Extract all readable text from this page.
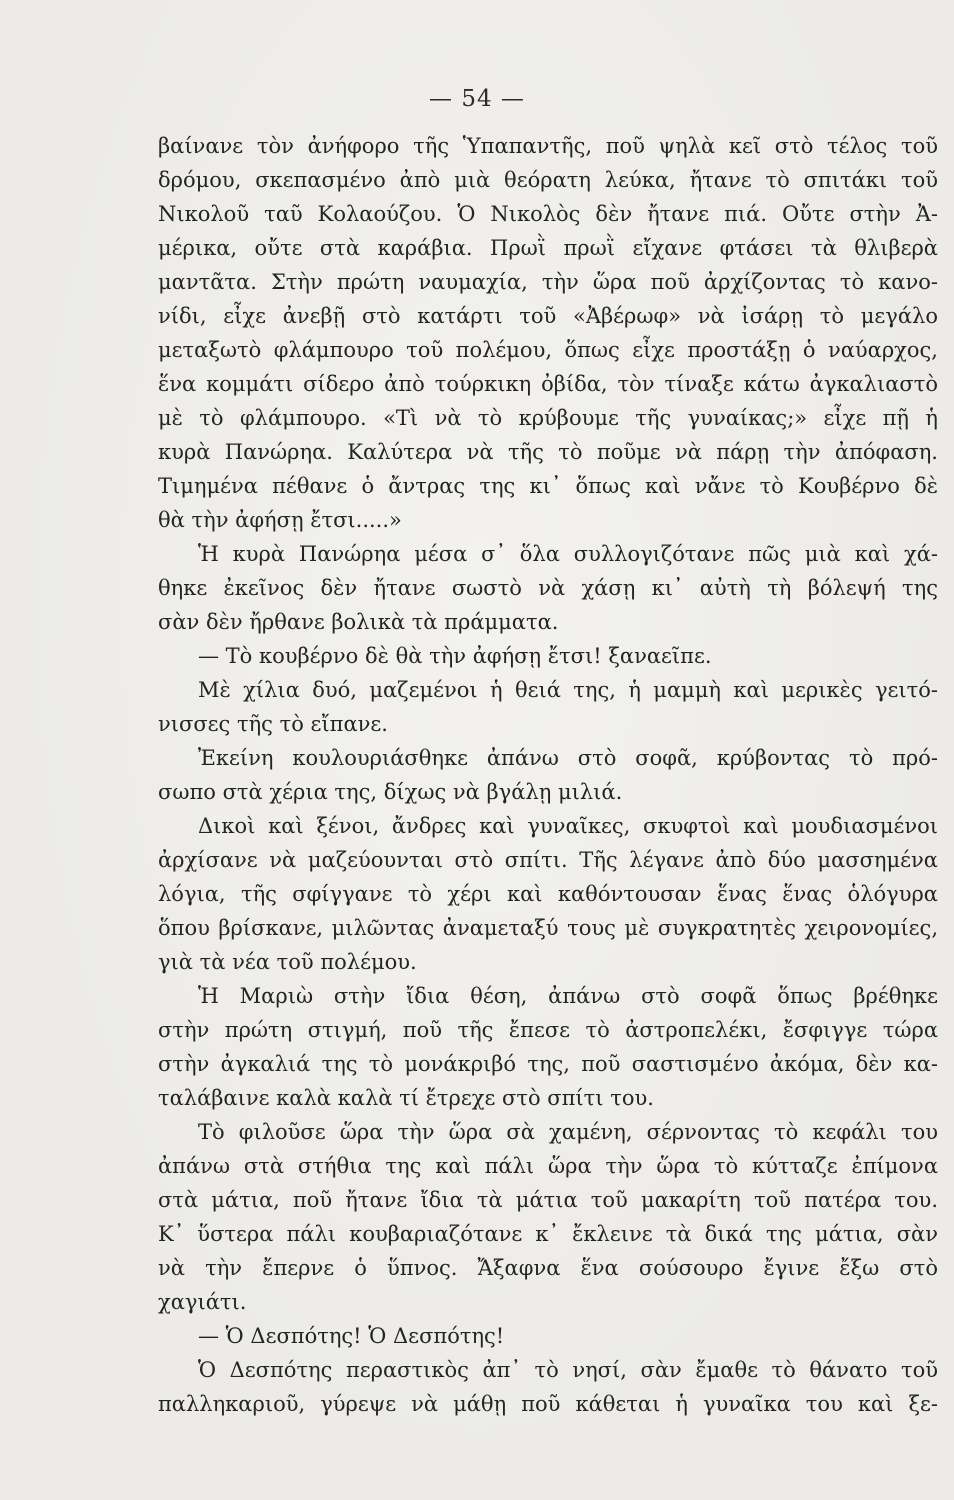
— 54 —
βαίνανε τὸν ἀνήφορο τῆς Ὑπαπαντῆς, ποῦ ψηλὰ κεῖ στὸ τέλος τοῦ
δρόμου, σκεπασμένο ἀπὸ μιὰ θεόρατη λεύκα, ἤτανε τὸ σπιτάκι τοῦ
Νικολοῦ ταῦ Κολαούζου. Ὁ Νικολὸς δὲν ἤτανε πιά. Οὔτε στὴν Ἀ-
μέρικα, οὔτε στὰ καράβια. Πρωῒ πρωῒ εἴχανε φτάσει τὰ θλιβερὰ
μαντᾶτα. Στὴν πρώτη ναυμαχία, τὴν ὥρα ποῦ ἀρχίζοντας τὸ κανο-
νίδι, εἶχε ἀνεβῇ στὸ κατάρτι τοῦ «Ἀβέρωφ» νὰ ἰσάρῃ τὸ μεγάλο
μεταξωτὸ φλάμπουρο τοῦ πολέμου, ὅπως εἶχε προστάξῃ ὁ ναύαρχος,
ἕνα κομμάτι σίδερο ἀπὸ τούρκικη ὀβίδα, τὸν τίναξε κάτω ἀγκαλιαστὸ
μὲ τὸ φλάμπουρο. «Τὶ νὰ τὸ κρύβουμε τῆς γυναίκας;» εἶχε πῇ ἡ
κυρὰ Πανώρηα. Καλύτερα νὰ τῆς τὸ ποῦμε νὰ πάρῃ τὴν ἀπόφαση.
Τιμημένα πέθανε ὁ ἄντρας της κι᾿ ὅπως καὶ νἄνε τὸ Κουβέρνο δὲ
θὰ τὴν ἀφήσῃ ἔτσι.....»
Ἡ κυρὰ Πανώρηα μέσα σ᾿ ὅλα συλλογιζότανε πῶς μιὰ καὶ χά-
θηκε ἐκεῖνος δὲν ἤτανε σωστὸ νὰ χάσῃ κι᾿ αὐτὴ τὴ βόλεψή της
σὰν δὲν ἤρθανε βολικὰ τὰ πράμματα.
— Τὸ κουβέρνο δὲ θὰ τὴν ἀφήσῃ ἔτσι! ξαναεῖπε.
Μὲ χίλια δυό, μαζεμένοι ἡ θειά της, ἡ μαμμὴ καὶ μερικὲς γειτό-
νισσες τῆς τὸ εἴπανε.
Ἐκείνη κουλουριάσθηκε ἀπάνω στὸ σοφᾶ, κρύβοντας τὸ πρό-
σωπο στὰ χέρια της, δίχως νὰ βγάλῃ μιλιά.
Δικοὶ καὶ ξένοι, ἄνδρες καὶ γυναῖκες, σκυφτοὶ καὶ μουδιασμένοι
ἀρχίσανε νὰ μαζεύουνται στὸ σπίτι. Τῆς λέγανε ἀπὸ δύο μασσημένα
λόγια, τῆς σφίγγανε τὸ χέρι καὶ καθόντουσαν ἕνας ἕνας ὁλόγυρα
ὅπου βρίσκανε, μιλῶντας ἀναμεταξύ τους μὲ συγκρατητὲς χειρονομίες,
γιὰ τὰ νέα τοῦ πολέμου.
Ἡ Μαριὼ στὴν ἴδια θέση, ἀπάνω στὸ σοφᾶ ὅπως βρέθηκε
στὴν πρώτη στιγμή, ποῦ τῆς ἔπεσε τὸ ἀστροπελέκι, ἔσφιγγε τώρα
στὴν ἀγκαλιά της τὸ μονάκριβό της, ποῦ σαστισμένο ἀκόμα, δὲν κα-
ταλάβαινε καλὰ καλὰ τί ἔτρεχε στὸ σπίτι του.
Τὸ φιλοῦσε ὥρα τὴν ὥρα σὰ χαμένη, σέρνοντας τὸ κεφάλι του
ἀπάνω στὰ στήθια της καὶ πάλι ὥρα τὴν ὥρα τὸ κύτταζε ἐπίμονα
στὰ μάτια, ποῦ ἤτανε ἴδια τὰ μάτια τοῦ μακαρίτη τοῦ πατέρα του.
Κ᾿ ὕστερα πάλι κουβαριαζότανε κ᾿ ἔκλεινε τὰ δικά της μάτια, σὰν
νὰ τὴν ἔπερνε ὁ ὕπνος. Ἄξαφνα ἕνα σούσουρο ἔγινε ἔξω στὸ
χαγιάτι.
— Ὁ Δεσπότης! Ὁ Δεσπότης!
Ὁ Δεσπότης περαστικὸς ἀπ᾿ τὸ νησί, σὰν ἔμαθε τὸ θάνατο τοῦ
παλληκαριοῦ, γύρεψε νὰ μάθῃ ποῦ κάθεται ἡ γυναῖκα του καὶ ξε-
